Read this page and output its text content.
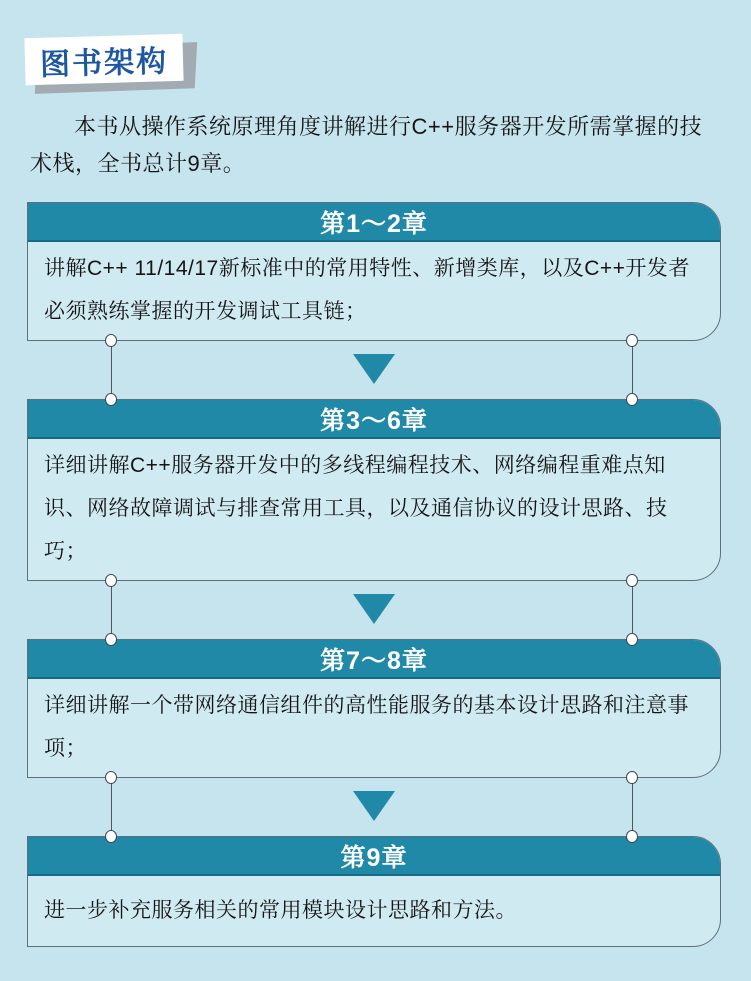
图书架构

本书从操作系统原理角度讲解进行C++服务器开发所需掌握的技术栈，全书总计9章。

第1～2章
讲解C++ 11/14/17新标准中的常用特性、新增类库，以及C++开发者必须熟练掌握的开发调试工具链；
第3～6章
详细讲解C++服务器开发中的多线程编程技术、网络编程重难点知识、网络故障调试与排查常用工具，以及通信协议的设计思路、技巧；
第7～8章
详细讲解一个带网络通信组件的高性能服务的基本设计思路和注意事项；
第9章
进一步补充服务相关的常用模块设计思路和方法。
